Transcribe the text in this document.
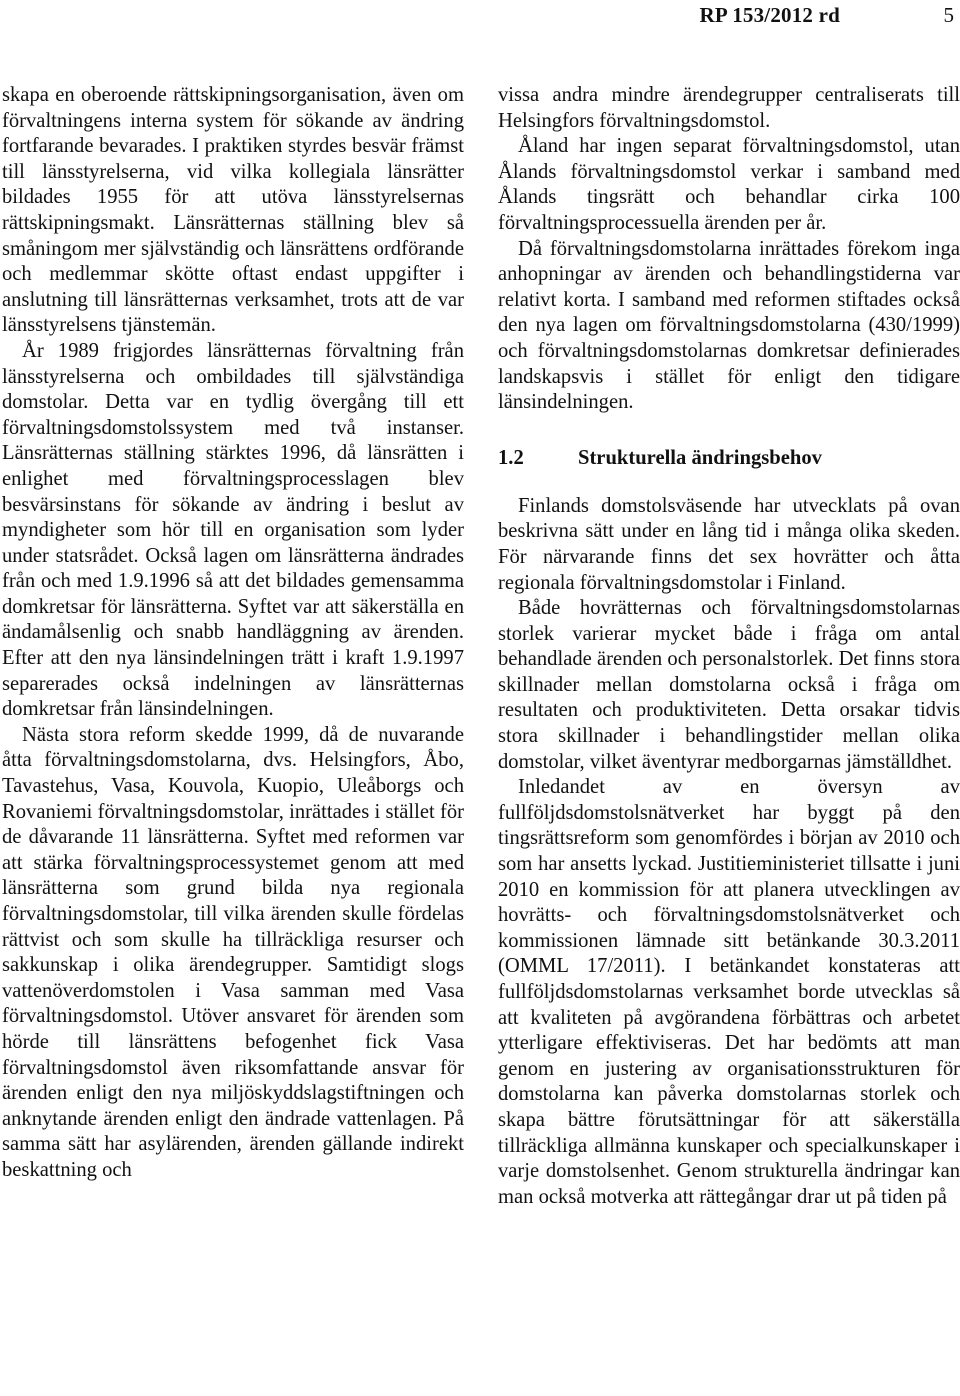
RP 153/2012 rd	5

skapa en oberoende rättskipningsorganisation, även om förvaltningens interna system för sökande av ändring fortfarande bevarades. I praktiken styrdes besvär främst till länsstyrelserna, vid vilka kollegiala länsrätter bildades 1955 för att utöva länsstyrelsernas rättskipningsmakt. Länsrätternas ställning blev så småningom mer självständig och länsrättens ordförande och medlemmar skötte oftast endast uppgifter i anslutning till länsrätternas verksamhet, trots att de var länsstyrelsens tjänstemän.

År 1989 frigjordes länsrätternas förvaltning från länsstyrelserna och ombildades till självständiga domstolar. Detta var en tydlig övergång till ett förvaltningsdomstolssystem med två instanser. Länsrätternas ställning stärktes 1996, då länsrätten i enlighet med förvaltningsprocesslagen blev besvärsinstans för sökande av ändring i beslut av myndigheter som hör till en organisation som lyder under statsrådet. Också lagen om länsrätterna ändrades från och med 1.9.1996 så att det bildades gemensamma domkretsar för länsrätterna. Syftet var att säkerställa en ändamålsenlig och snabb handläggning av ärenden. Efter att den nya länsindelningen trätt i kraft 1.9.1997 separerades också indelningen av länsrätternas domkretsar från länsindelningen.

Nästa stora reform skedde 1999, då de nuvarande åtta förvaltningsdomstolarna, dvs. Helsingfors, Åbo, Tavastehus, Vasa, Kouvola, Kuopio, Uleåborgs och Rovaniemi förvaltningsdomstolar, inrättades i stället för de dåvarande 11 länsrätterna. Syftet med reformen var att stärka förvaltningsprocessystemet genom att med länsrätterna som grund bilda nya regionala förvaltningsdomstolar, till vilka ärenden skulle fördelas rättvist och som skulle ha tillräckliga resurser och sakkunskap i olika ärendegrupper. Samtidigt slogs vattenöverdomstolen i Vasa samman med Vasa förvaltningsdomstol. Utöver ansvaret för ärenden som hörde till länsrättens befogenhet fick Vasa förvaltningsdomstol även riksomfattande ansvar för ärenden enligt den nya miljöskyddslagstiftningen och anknytande ärenden enligt den ändrade vattenlagen. På samma sätt har asylärenden, ärenden gällande indirekt beskattning och

vissa andra mindre ärendegrupper centraliserats till Helsingfors förvaltningsdomstol.

Åland har ingen separat förvaltningsdomstol, utan Ålands förvaltningsdomstol verkar i samband med Ålands tingsrätt och behandlar cirka 100 förvaltningsprocessuella ärenden per år.

Då förvaltningsdomstolarna inrättades förekom inga anhopningar av ärenden och behandlingstiderna var relativt korta. I samband med reformen stiftades också den nya lagen om förvaltningsdomstolarna (430/1999) och förvaltningsdomstolarnas domkretsar definierades landskapsvis i stället för enligt den tidigare länsindelningen.

1.2	Strukturella ändringsbehov

Finlands domstolsväsende har utvecklats på ovan beskrivna sätt under en lång tid i många olika skeden. För närvarande finns det sex hovrätter och åtta regionala förvaltningsdomstolar i Finland.

Både hovrätternas och förvaltningsdomstolarnas storlek varierar mycket både i fråga om antal behandlade ärenden och personalstorlek. Det finns stora skillnader mellan domstolarna också i fråga om resultaten och produktiviteten. Detta orsakar tidvis stora skillnader i behandlingstider mellan olika domstolar, vilket äventyrar medborgarnas jämställdhet.

Inledandet av en översyn av fullföljdsdomstolsnätverket har byggt på den tingsrättsreform som genomfördes i början av 2010 och som har ansetts lyckad. Justitieministeriet tillsatte i juni 2010 en kommission för att planera utvecklingen av hovrätts- och förvaltningsdomstolsnätverket och kommissionen lämnade sitt betänkande 30.3.2011 (OMML 17/2011). I betänkandet konstateras att fullföljdsdomstolarnas verksamhet borde utvecklas så att kvaliteten på avgörandena förbättras och arbetet ytterligare effektiviseras. Det har bedömts att man genom en justering av organisationsstrukturen för domstolarna kan påverka domstolarnas storlek och skapa bättre förutsättningar för att säkerställa tillräckliga allmänna kunskaper och specialkunskaper i varje domstolsenhet. Genom strukturella ändringar kan man också motverka att rättegångar drar ut på tiden på
